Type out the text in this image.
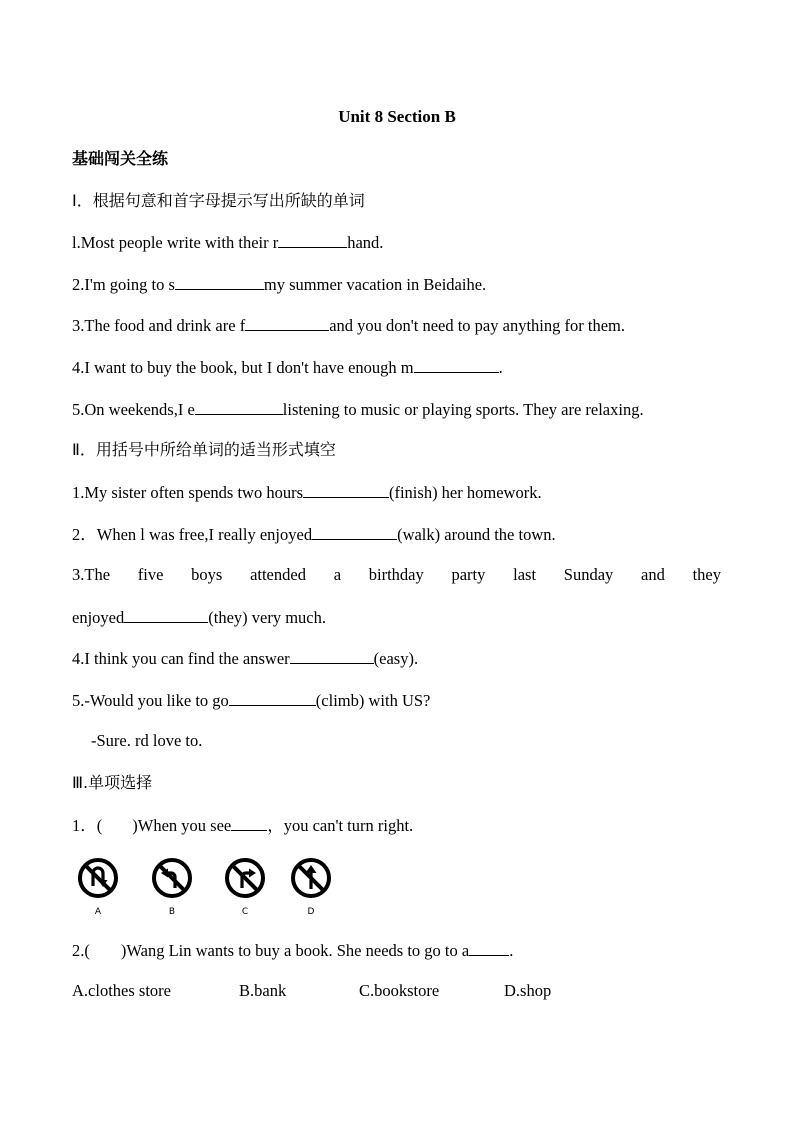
Unit 8 Section B
基础闯关全练
I．根据句意和首字母提示写出所缺的单词
l.Most people write with their r	hand.
2.I'm going to s	my summer vacation in Beidaihe.
3.The food and drink are f	and you don't need to pay anything for them.
4.I want to buy the book, but I don't have enough m	.
5.On weekends,I e	listening to music or playing sports. They are relaxing.
Ⅱ．用括号中所给单词的适当形式填空
1.My sister often spends two hours	(finish) her homework.
2．When l was free,I really enjoyed	(walk) around the town.
3.The five boys attended a birthday party last Sunday and they
enjoyed	(they) very much.
4.I think you can find the answer	(easy).
5.-Would you like to go	(climb) with US?
-Sure. rd love to.
Ⅲ.单项选择
1．( )When you see ，you can't turn right.
A	B	C	D
2.( )Wang Lin wants to buy a book. She needs to go to a .
A.clothes store	B.bank	C.bookstore	D.shop
